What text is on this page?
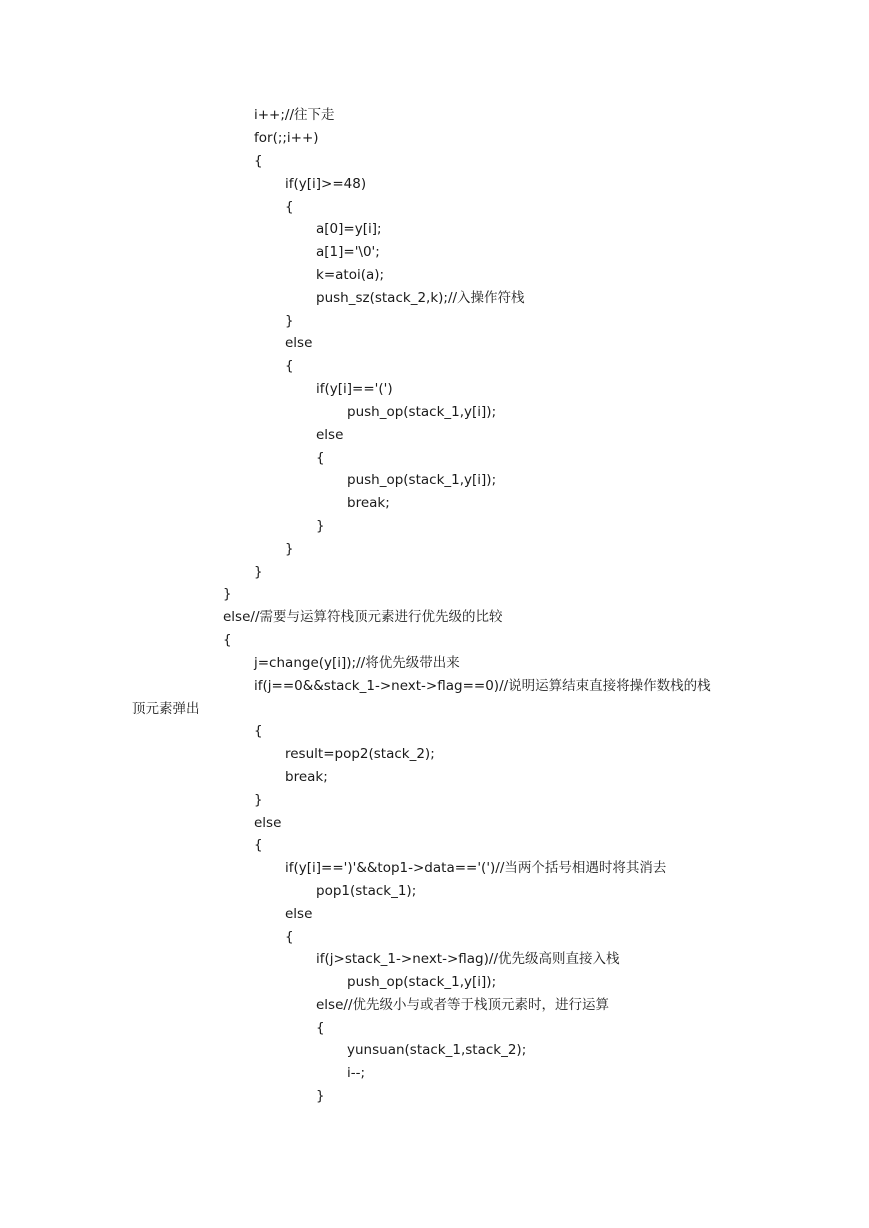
i++;//往下走
for(;;i++)
{
if(y[i]>=48)
{
a[0]=y[i];
a[1]='\0';
k=atoi(a);
push_sz(stack_2,k);//入操作符栈
}
else
{
if(y[i]=='(')
push_op(stack_1,y[i]);
else
{
push_op(stack_1,y[i]);
break;
}
}
}
}
else//需要与运算符栈顶元素进行优先级的比较
{
j=change(y[i]);//将优先级带出来
if(j==0&&stack_1->next->flag==0)//说明运算结束直接将操作数栈的栈
顶元素弹出
{
result=pop2(stack_2);
break;
}
else
{
if(y[i]==')'&&top1->data=='(')//当两个括号相遇时将其消去
pop1(stack_1);
else
{
if(j>stack_1->next->flag)//优先级高则直接入栈
push_op(stack_1,y[i]);
else//优先级小与或者等于栈顶元素时，进行运算
{
yunsuan(stack_1,stack_2);
i--;
}
